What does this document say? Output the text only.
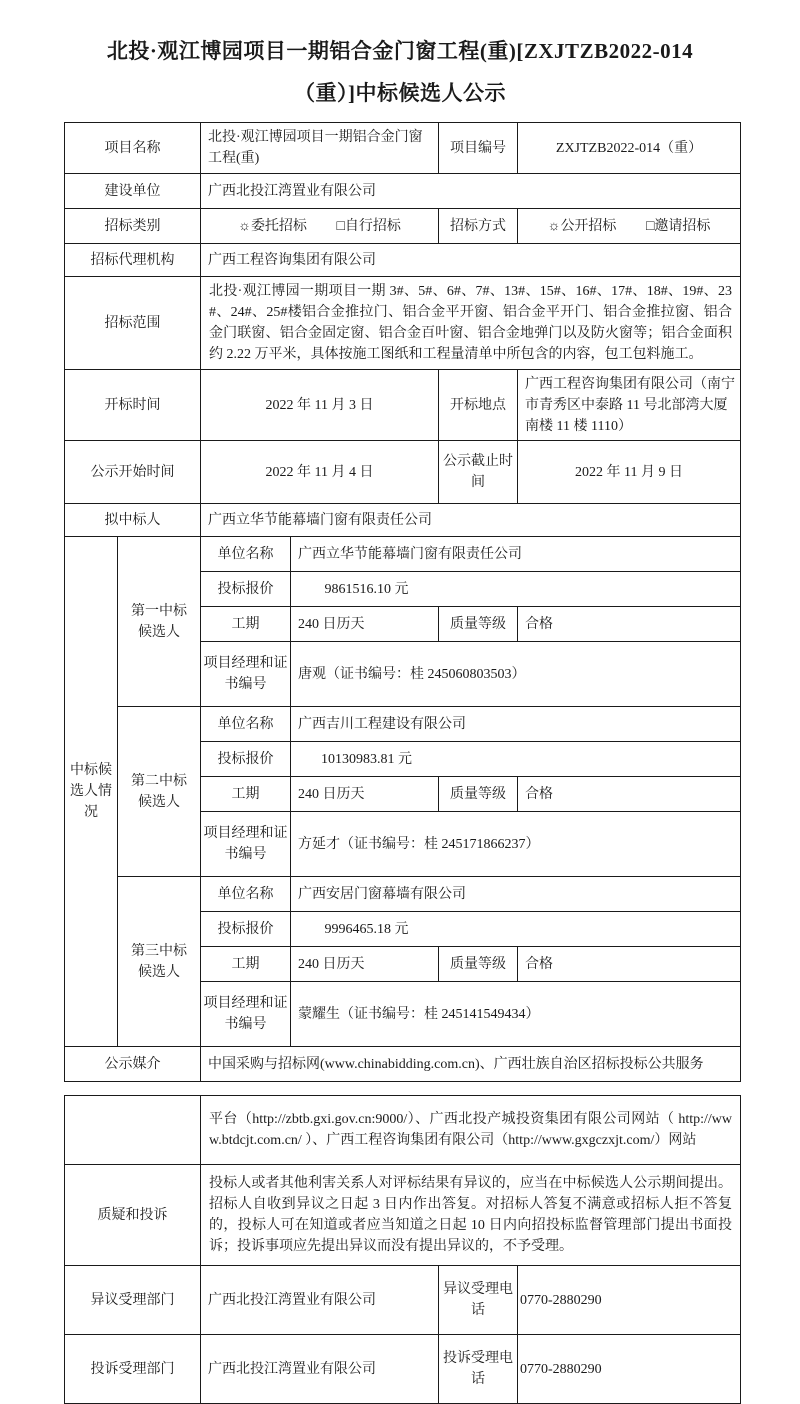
北投·观江博园项目一期铝合金门窗工程(重)[ZXJTZB2022-014
（重）]中标候选人公示
项目名称		北投·观江博园项目一期铝合金门窗工程(重)		项目编号	ZXJTZB2022-014（重）
建设单位		广西北投江湾置业有限公司			
招标类别		☼委托招标 □自行招标		招标方式	☼公开招标 □邀请招标
招标代理机构		广西工程咨询集团有限公司			
招标范围		北投·观江博园一期项目一期 3#、5#、6#、7#、13#、15#、16#、17#、18#、19#、23#、24#、25#楼铝合金推拉门、铝合金平开窗、铝合金平开门、铝合金推拉窗、铝合金门联窗、铝合金固定窗、铝合金百叶窗、铝合金地弹门以及防火窗等；铝合金面积约 2.22 万平米，具体按施工图纸和工程量清单中所包含的内容，包工包料施工。			
开标时间		2022 年 11 月 3 日		开标地点	广西工程咨询集团有限公司（南宁市青秀区中泰路 11 号北部湾大厦南楼 11 楼 1110）
公示开始时间		2022 年 11 月 4 日		公示截止时间	2022 年 11 月 9 日
拟中标人		广西立华节能幕墙门窗有限责任公司			
中标候选人情况	第一中标候选人	单位名称	广西立华节能幕墙门窗有限责任公司		
		投标报价	9861516.10 元		
		工期	240 日历天	质量等级	合格
		项目经理和证书编号	唐观（证书编号：桂 245060803503）		
	第二中标候选人	单位名称	广西吉川工程建设有限公司		
		投标报价	10130983.81 元		
		工期	240 日历天	质量等级	合格
		项目经理和证书编号	方延才（证书编号：桂 245171866237）		
	第三中标候选人	单位名称	广西安居门窗幕墙有限公司		
		投标报价	9996465.18 元		
		工期	240 日历天	质量等级	合格
		项目经理和证书编号	蒙耀生（证书编号：桂 245141549434）		
公示媒介		中国采购与招标网(www.chinabidding.com.cn)、广西壮族自治区招标投标公共服务			
	平台（http://zbtb.gxi.gov.cn:9000/）、广西北投产城投资集团有限公司网站（ http://www.btdcjt.com.cn/ ）、广西工程咨询集团有限公司（http://www.gxgczxjt.com/）网站		
质疑和投诉	投标人或者其他利害关系人对评标结果有异议的，应当在中标候选人公示期间提出。招标人自收到异议之日起 3 日内作出答复。对招标人答复不满意或招标人拒不答复的，投标人可在知道或者应当知道之日起 10 日内向招投标监督管理部门提出书面投诉；投诉事项应先提出异议而没有提出异议的，不予受理。		
异议受理部门	广西北投江湾置业有限公司	异议受理电话	0770-2880290
投诉受理部门	广西北投江湾置业有限公司	投诉受理电话	0770-2880290
